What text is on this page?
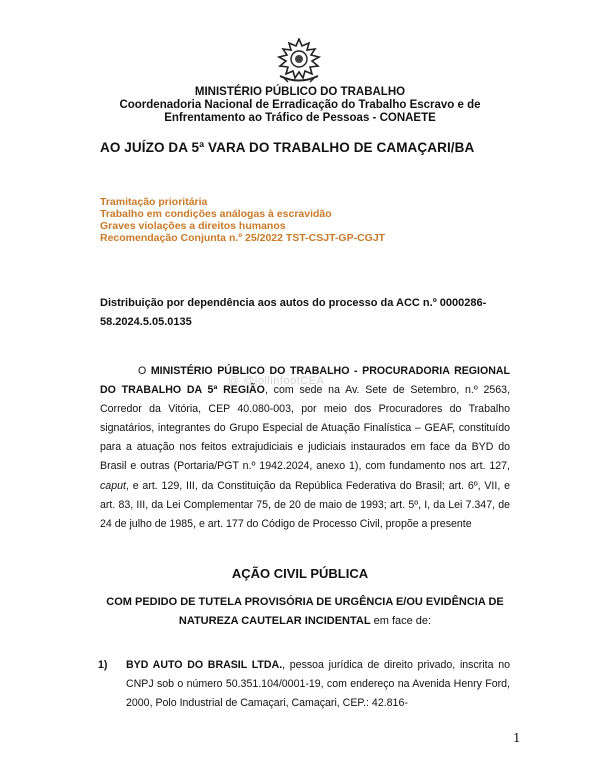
MINISTÉRIO PÚBLICO DO TRABALHO
Coordenadoria Nacional de Erradicação do Trabalho Escravo e de
Enfrentamento ao Tráfico de Pessoas - CONAETE
AO JUÍZO DA 5ª VARA DO TRABALHO DE CAMAÇARI/BA
Tramitação prioritária
Trabalho em condições análogas à escravidão
Graves violações a direitos humanos
Recomendação Conjunta n.º 25/2022 TST-CSJT-GP-CGJT
Distribuição por dependência aos autos do processo da ACC n.º 0000286-58.2024.5.05.0135
O MINISTÉRIO PÚBLICO DO TRABALHO - PROCURADORIA REGIONAL DO TRABALHO DA 5ª REGIÃO, com sede na Av. Sete de Setembro, n.º 2563, Corredor da Vitória, CEP 40.080-003, por meio dos Procuradores do Trabalho signatários, integrantes do Grupo Especial de Atuação Finalística – GEAF, constituído para a atuação nos feitos extrajudiciais e judiciais instaurados em face da BYD do Brasil e outras (Portaria/PGT n.º 1942.2024, anexo 1), com fundamento nos art. 127, caput, e art. 129, III, da Constituição da República Federativa do Brasil; art. 6º, VII, e art. 83, III, da Lei Complementar 75, de 20 de maio de 1993; art. 5º, I, da Lei 7.347, de 24 de julho de 1985, e art. 177 do Código de Processo Civil, propõe a presente
@ @jollinfootCEA
AÇÃO CIVIL PÚBLICA
COM PEDIDO DE TUTELA PROVISÓRIA DE URGÊNCIA E/OU EVIDÊNCIA DE NATUREZA CAUTELAR INCIDENTAL em face de:
1) BYD AUTO DO BRASIL LTDA., pessoa jurídica de direito privado, inscrita no CNPJ sob o número 50.351.104/0001-19, com endereço na Avenida Henry Ford, 2000, Polo Industrial de Camaçari, Camaçari, CEP.: 42.816-
1
